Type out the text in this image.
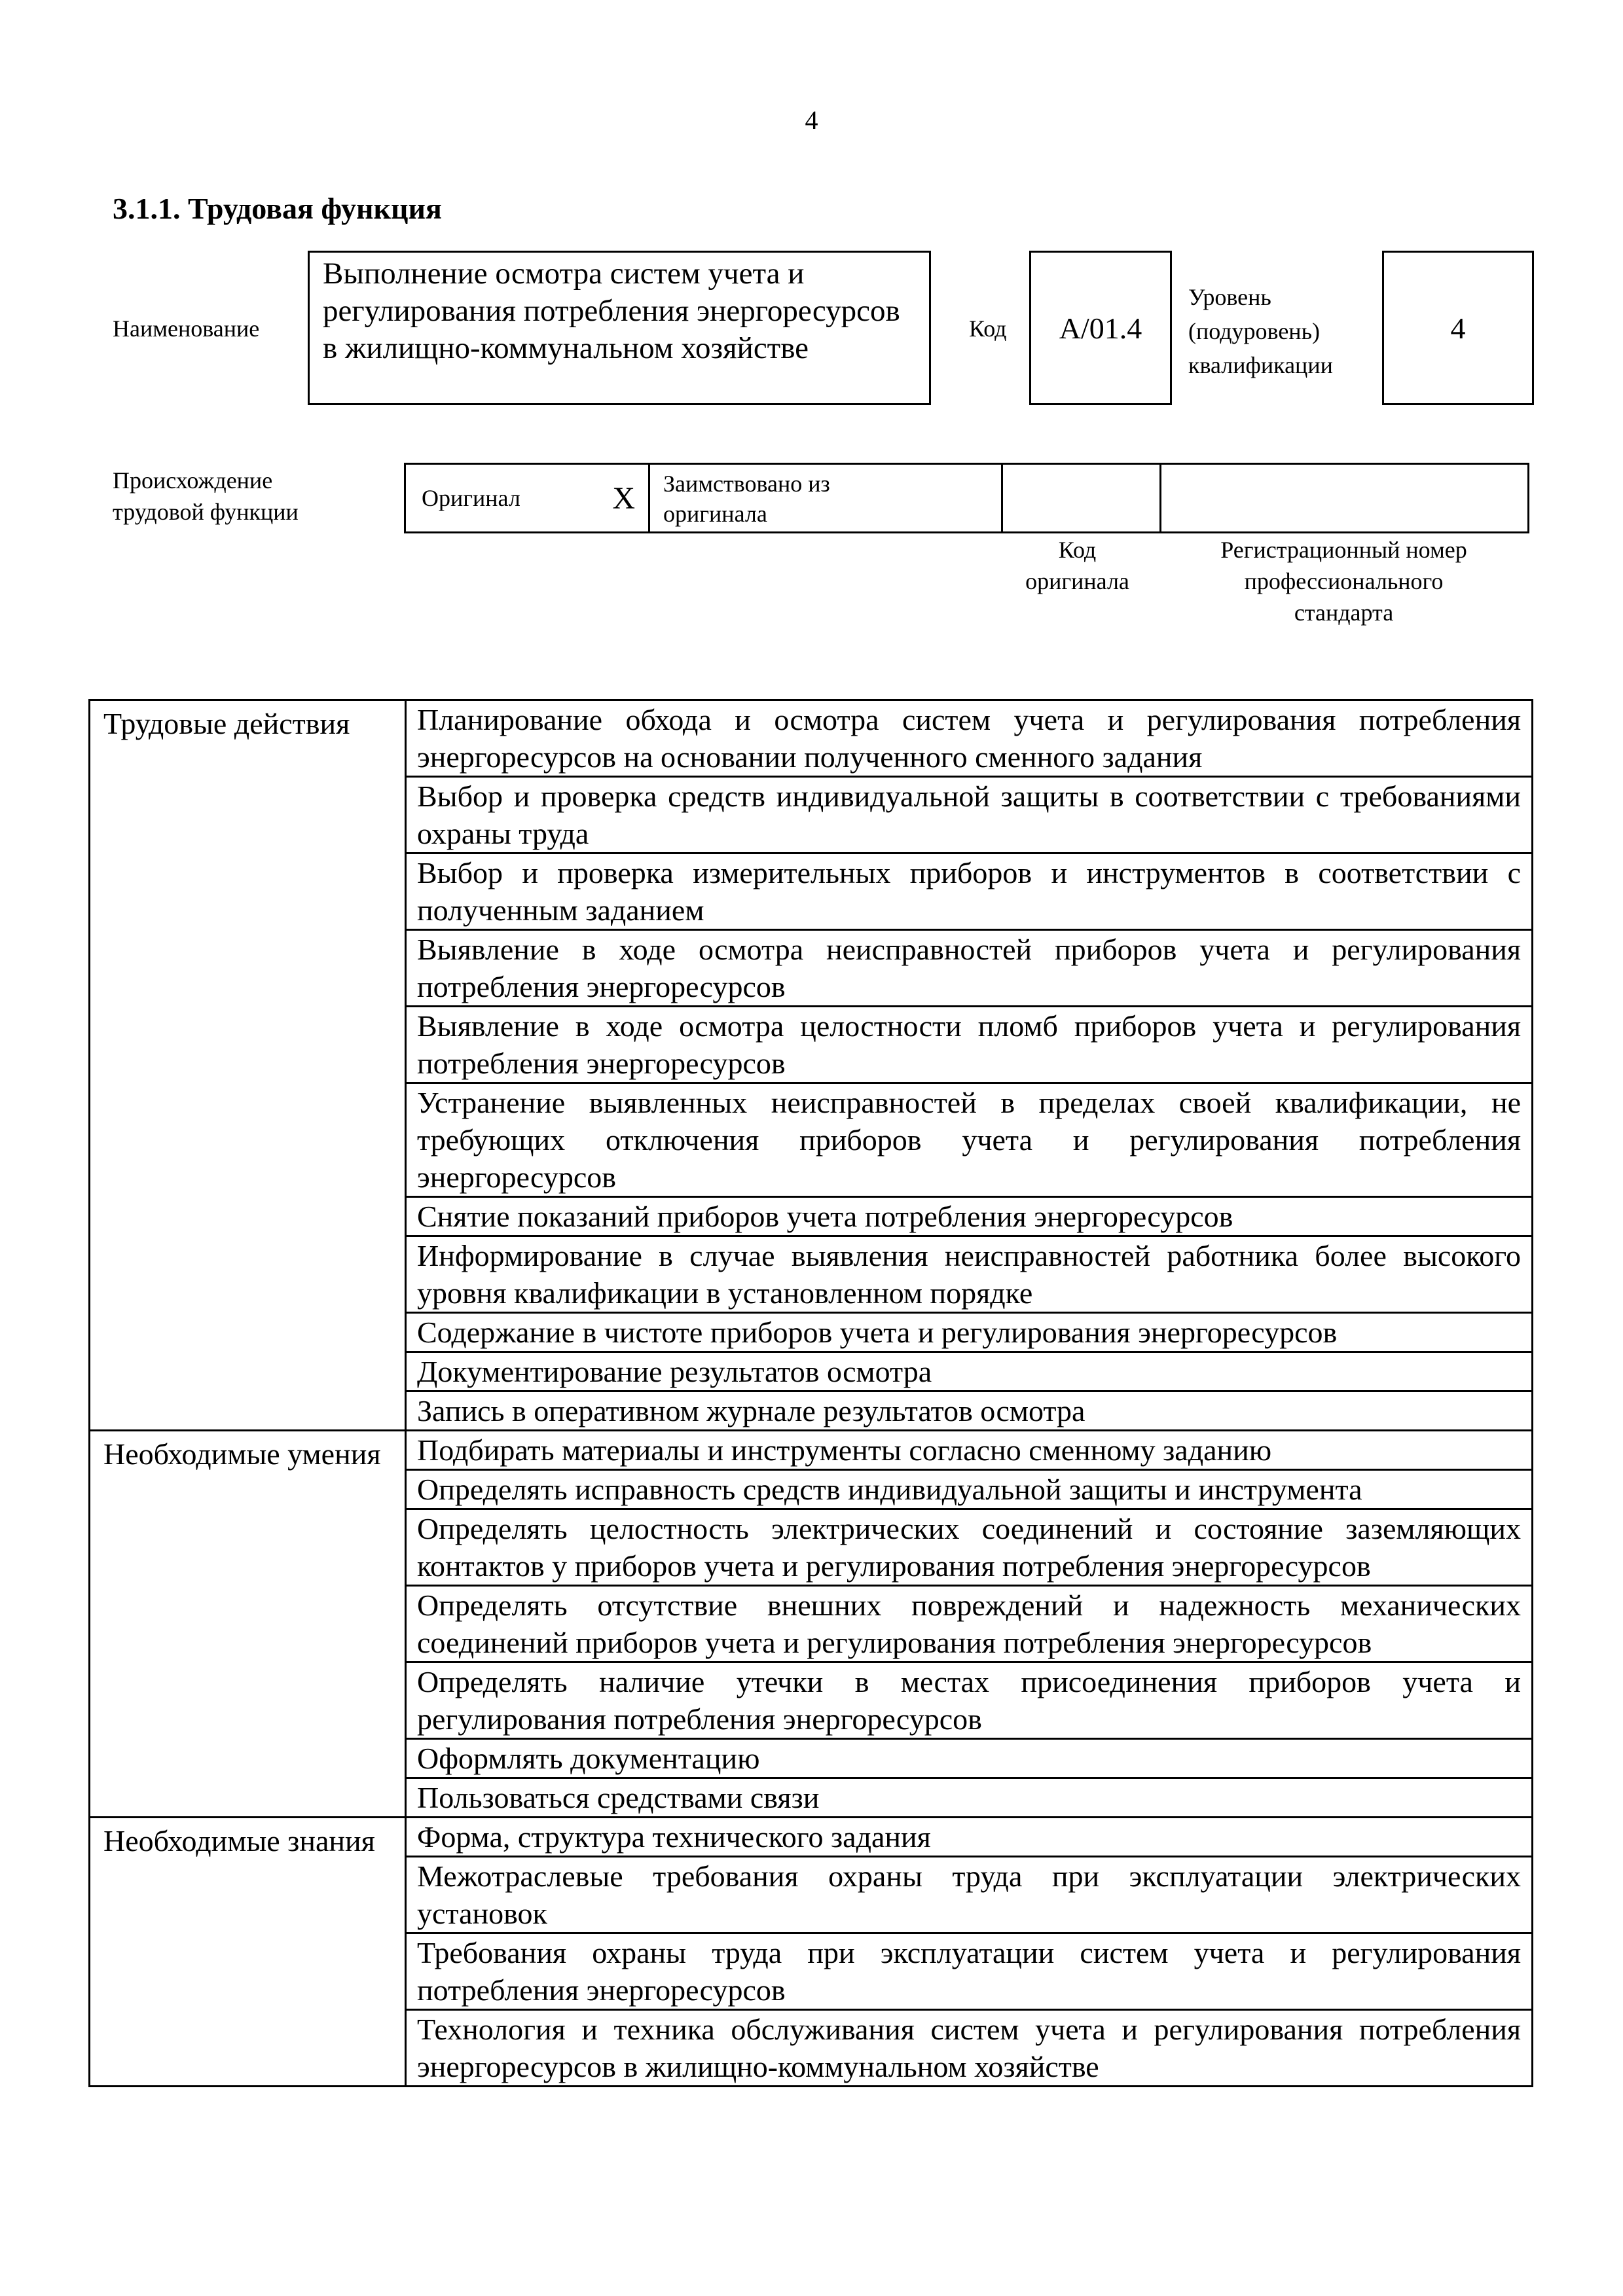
4
3.1.1. Трудовая функция
Наименование
Выполнение осмотра систем учета и регулирования потребления энергоресурсов в жилищно-коммунальном хозяйстве
Код	А/01.4
Уровень
(подуровень)
квалификации
4
Происхождение
трудовой функции
Оригинал	X Заимствовано из
оригинала
Код
оригинала
Регистрационный номер
профессионального
стандарта
Трудовые действия	Планирование обхода и осмотра систем учета и регулирования потребления энергоресурсов на основании полученного сменного задания
	Выбор и проверка средств индивидуальной защиты в соответствии с требованиями охраны труда
	Выбор и проверка измерительных приборов и инструментов в соответствии с полученным заданием
	Выявление в ходе осмотра неисправностей приборов учета и регулирования потребления энергоресурсов
	Выявление в ходе осмотра целостности пломб приборов учета и регулирования потребления энергоресурсов
	Устранение выявленных неисправностей в пределах своей квалификации, не требующих отключения приборов учета и регулирования потребления энергоресурсов
	Снятие показаний приборов учета потребления энергоресурсов
	Информирование в случае выявления неисправностей работника более высокого уровня квалификации в установленном порядке
	Содержание в чистоте приборов учета и регулирования энергоресурсов
	Документирование результатов осмотра
	Запись в оперативном журнале результатов осмотра
Необходимые умения	Подбирать материалы и инструменты согласно сменному заданию
	Определять исправность средств индивидуальной защиты и инструмента
	Определять целостность электрических соединений и состояние заземляющих контактов у приборов учета и регулирования потребления энергоресурсов
	Определять отсутствие внешних повреждений и надежность механических соединений приборов учета и регулирования потребления энергоресурсов
	Определять наличие утечки в местах присоединения приборов учета и регулирования потребления энергоресурсов
	Оформлять документацию
	Пользоваться средствами связи
Необходимые знания	Форма, структура технического задания
	Межотраслевые требования охраны труда при эксплуатации электрических установок
	Требования охраны труда при эксплуатации систем учета и регулирования потребления энергоресурсов
	Технология и техника обслуживания систем учета и регулирования потребления энергоресурсов в жилищно-коммунальном хозяйстве
